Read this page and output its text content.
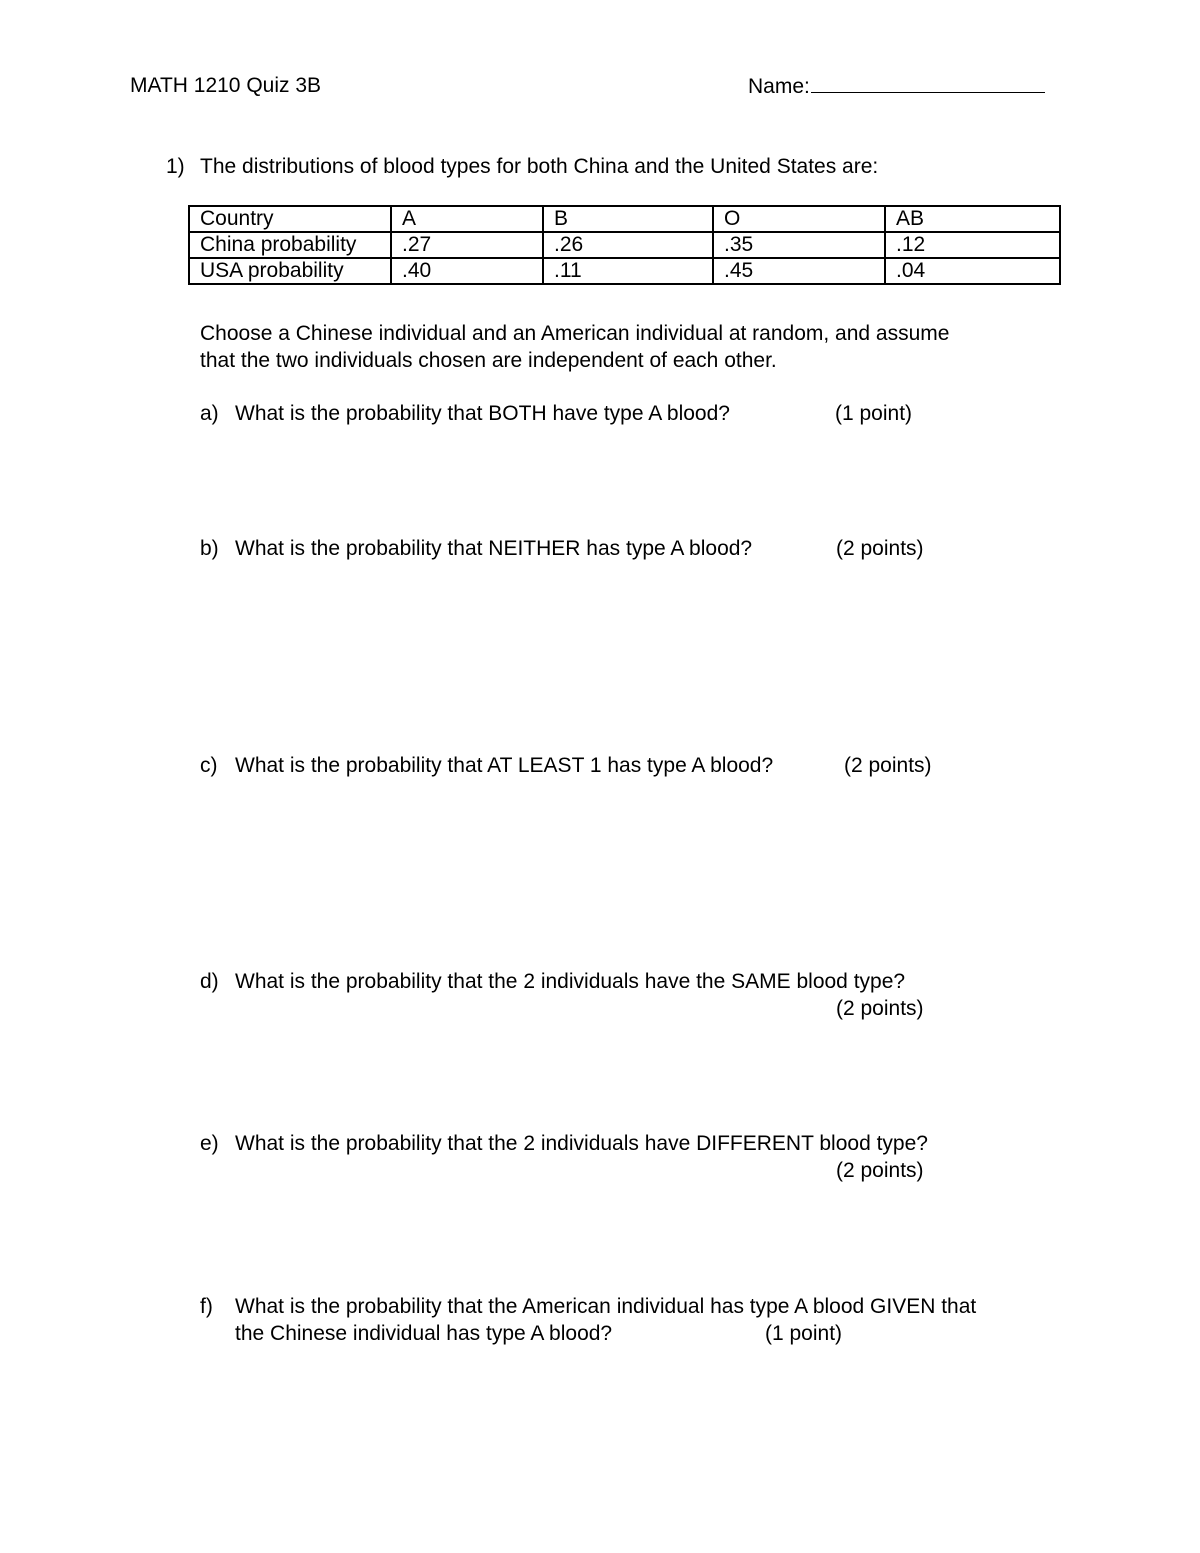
MATH 1210 Quiz 3B	Name:
1) The distributions of blood types for both China and the United States are:
Country	A	B	O	AB
China probability	.27	.26	.35	.12
USA probability	.40	.11	.45	.04

Choose a Chinese individual and an American individual at random, and assume

that the two individuals chosen are independent of each other.

a) What is the probability that BOTH have type A blood?	(1 point)
b) What is the probability that NEITHER has type A blood?	(2 points)
c) What is the probability that AT LEAST 1 has type A blood?	(2 points)
d) What is the probability that the 2 individuals have the SAME blood type?
(2 points)
e) What is the probability that the 2 individuals have DIFFERENT blood type?
(2 points)
f) What is the probability that the American individual has type A blood GIVEN that
the Chinese individual has type A blood?	(1 point)
